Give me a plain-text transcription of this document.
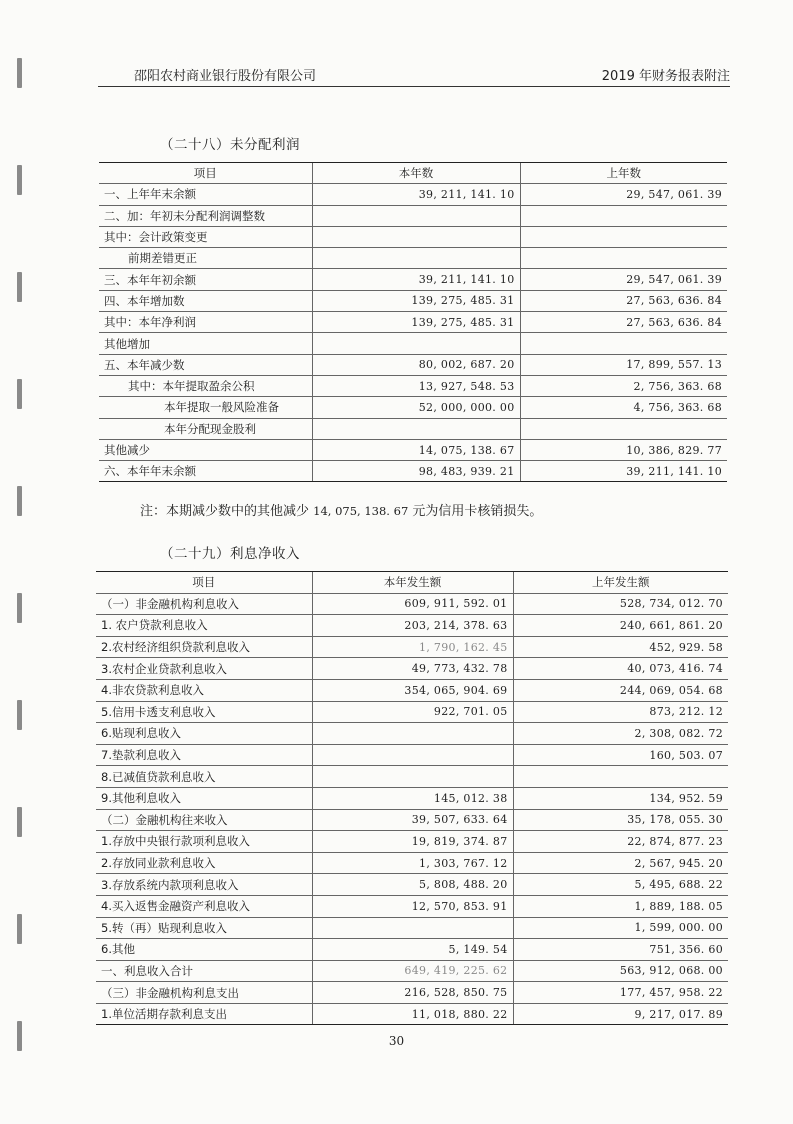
邵阳农村商业银行股份有限公司	2019 年财务报表附注
（二十八）未分配利润
项目	本年数	上年数
一、上年年末余额	39, 211, 141. 10	29, 547, 061. 39
二、加：年初未分配利润调整数		
其中：会计政策变更		
前期差错更正		
三、本年年初余额	39, 211, 141. 10	29, 547, 061. 39
四、本年增加数	139, 275, 485. 31	27, 563, 636. 84
其中：本年净利润	139, 275, 485. 31	27, 563, 636. 84
其他增加		
五、本年减少数	80, 002, 687. 20	17, 899, 557. 13
其中：本年提取盈余公积	13, 927, 548. 53	2, 756, 363. 68
本年提取一般风险准备	52, 000, 000. 00	4, 756, 363. 68
本年分配现金股利		
其他减少	14, 075, 138. 67	10, 386, 829. 77
六、本年年末余额	98, 483, 939. 21	39, 211, 141. 10
注：本期减少数中的其他减少 14, 075, 138. 67 元为信用卡核销损失。
（二十九）利息净收入
项目	本年发生额	上年发生额
（一）非金融机构利息收入	609, 911, 592. 01	528, 734, 012. 70
1. 农户贷款利息收入	203, 214, 378. 63	240, 661, 861. 20
2.农村经济组织贷款利息收入	1, 790, 162. 45	452, 929. 58
3.农村企业贷款利息收入	49, 773, 432. 78	40, 073, 416. 74
4.非农贷款利息收入	354, 065, 904. 69	244, 069, 054. 68
5.信用卡透支利息收入	922, 701. 05	873, 212. 12
6.贴现利息收入		2, 308, 082. 72
7.垫款利息收入		160, 503. 07
8.已减值贷款利息收入		
9.其他利息收入	145, 012. 38	134, 952. 59
（二）金融机构往来收入	39, 507, 633. 64	35, 178, 055. 30
1.存放中央银行款项利息收入	19, 819, 374. 87	22, 874, 877. 23
2.存放同业款利息收入	1, 303, 767. 12	2, 567, 945. 20
3.存放系统内款项利息收入	5, 808, 488. 20	5, 495, 688. 22
4.买入返售金融资产利息收入	12, 570, 853. 91	1, 889, 188. 05
5.转（再）贴现利息收入		1, 599, 000. 00
6.其他	5, 149. 54	751, 356. 60
一、利息收入合计	649, 419, 225. 62	563, 912, 068. 00
（三）非金融机构利息支出	216, 528, 850. 75	177, 457, 958. 22
1.单位活期存款利息支出	11, 018, 880. 22	9, 217, 017. 89
30
